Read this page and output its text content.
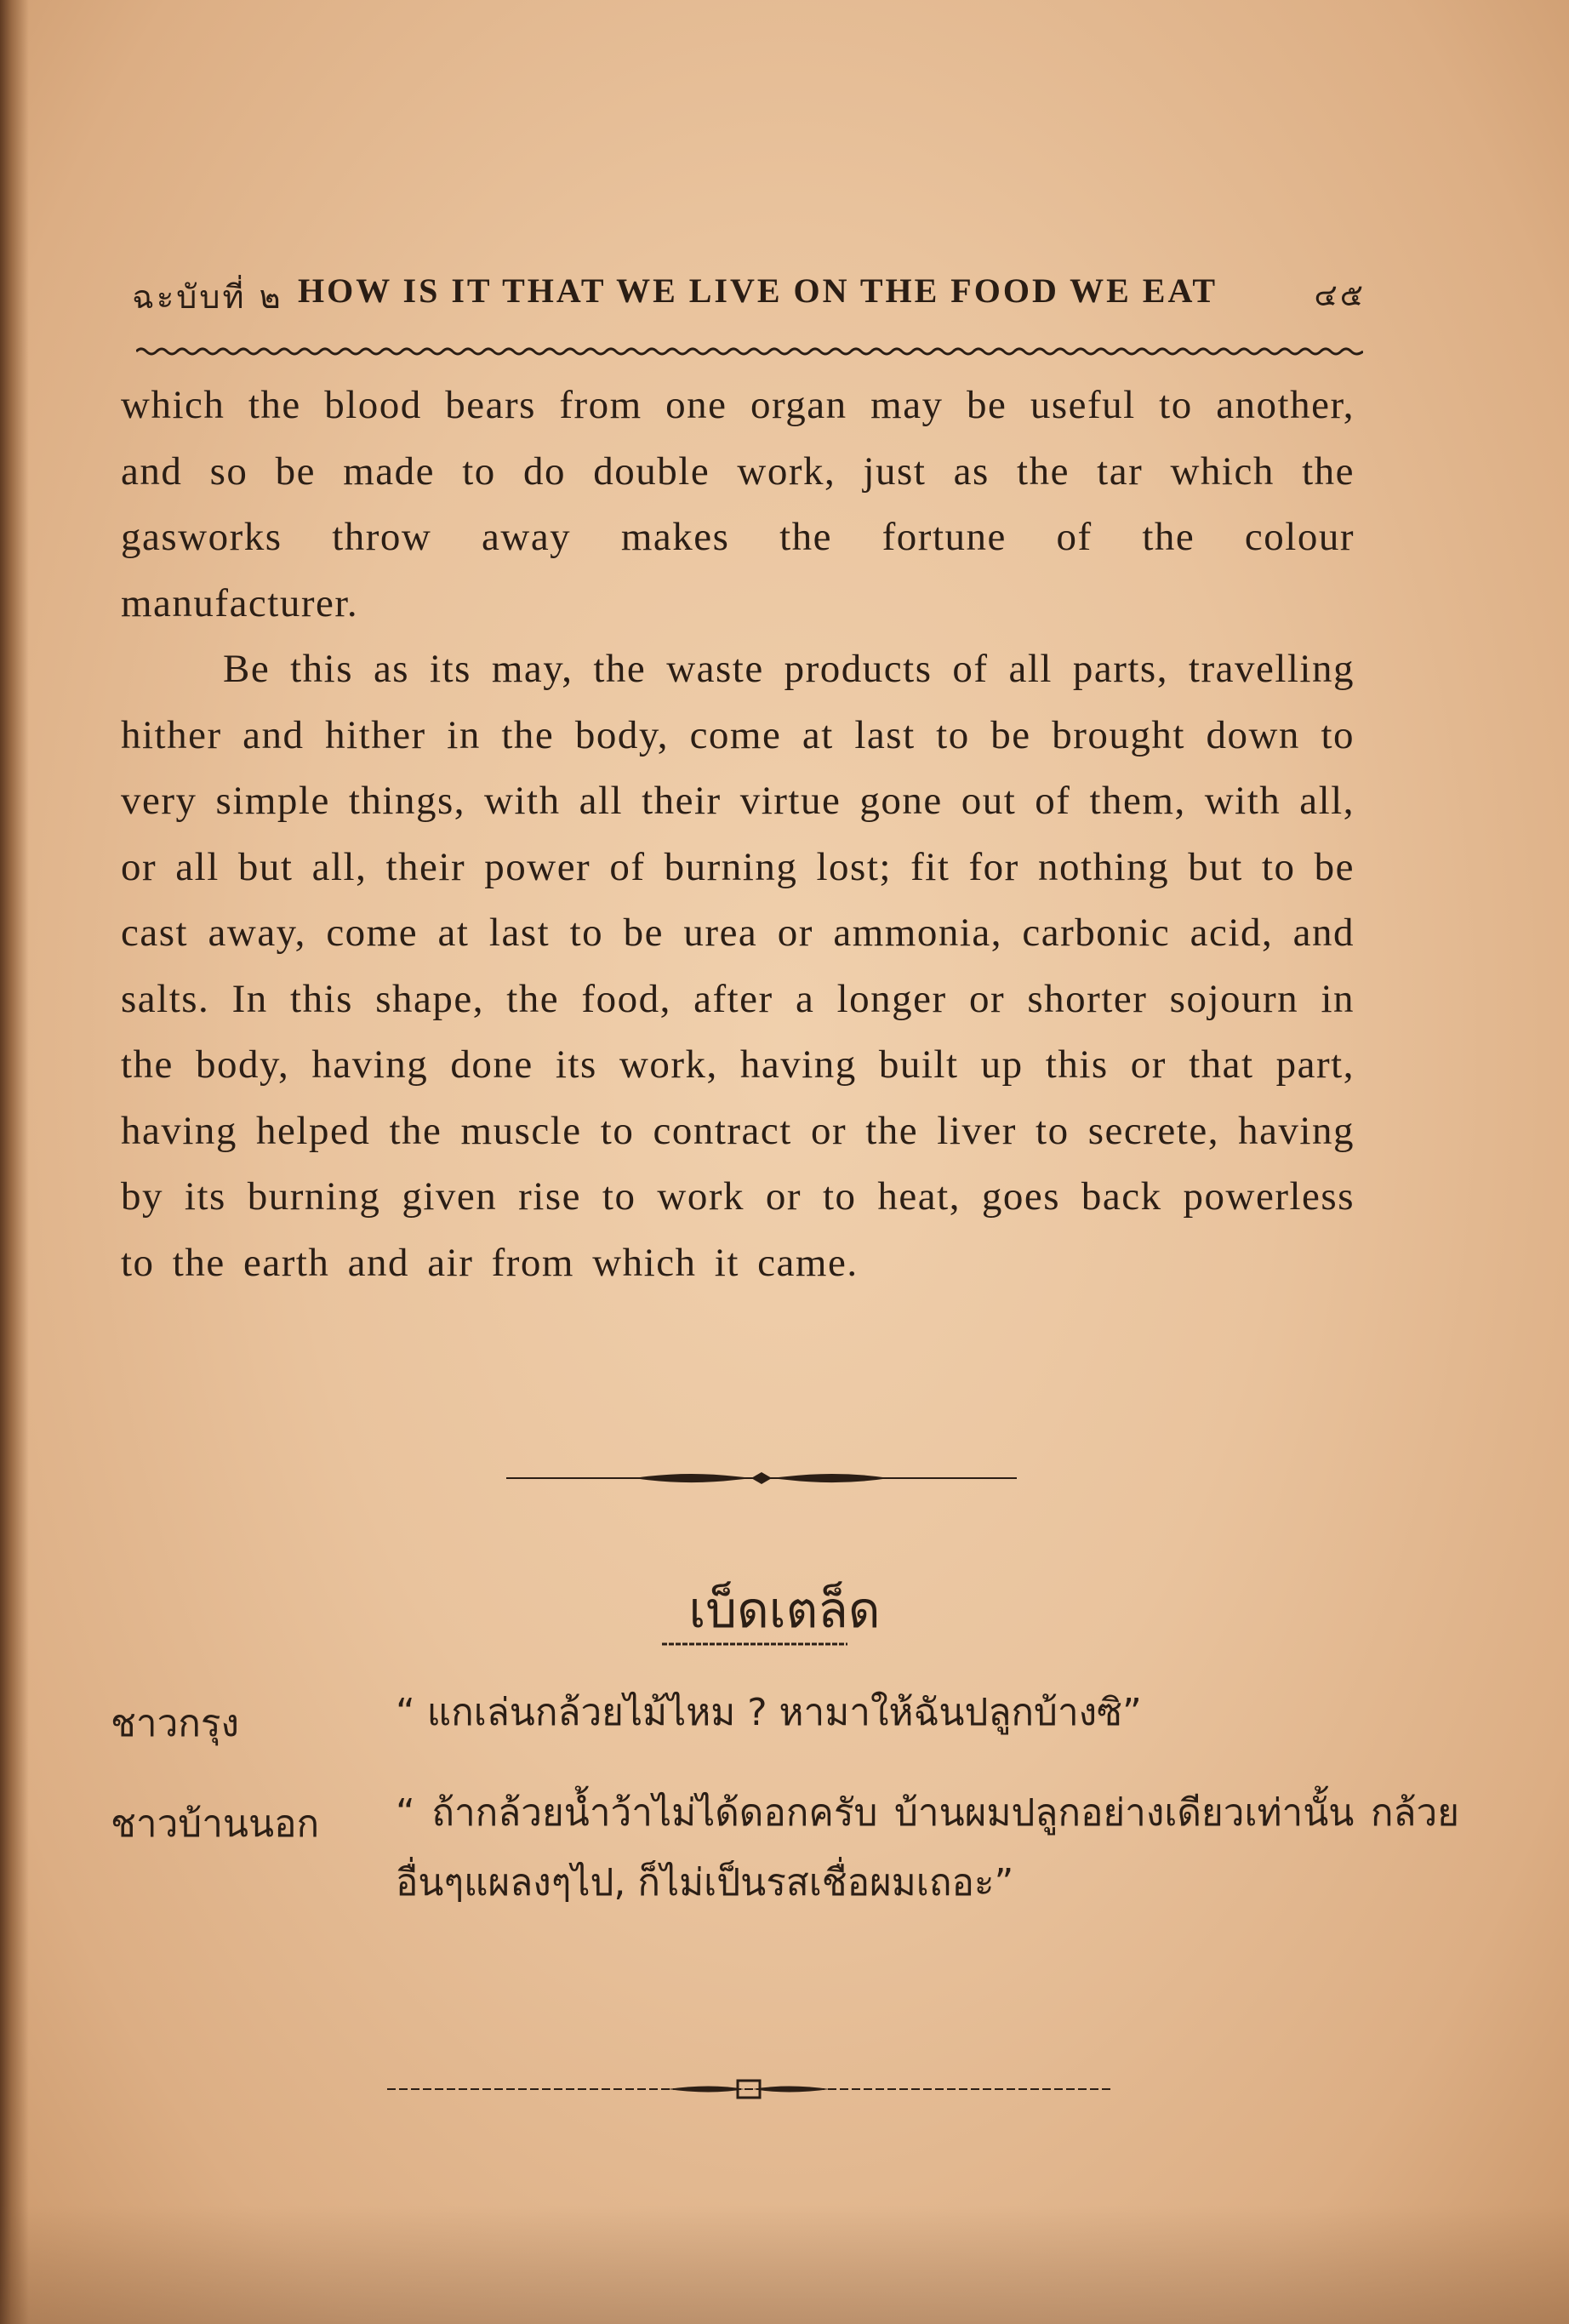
ฉะบับที่ ๒ HOW IS IT THAT WE LIVE ON THE FOOD WE EAT	๔๕

which the blood bears from one organ may be useful to another, and so be made to do double work, just as the tar which the gasworks throw away makes the fortune of the colour manufacturer.

Be this as its may, the waste products of all parts, travelling hither and hither in the body, come at last to be brought down to very simple things, with all their virtue gone out of them, with all, or all but all, their power of burning lost; fit for nothing but to be cast away, come at last to be urea or ammonia, carbonic acid, and salts. In this shape, the food, after a longer or shorter sojourn in the body, having done its work, having built up this or that part, having helped the muscle to contract or the liver to secrete, having by its burning given rise to work or to heat, goes back powerless to the earth and air from which it came.

เบ็ดเตล็ด
ชาวกรุง	“ แกเล่นกล้วยไม้ไหม ? หามาให้ฉันปลูกบ้างซิ”
ชาวบ้านนอก	“ ถ้ากล้วยน้ำว้าไม่ได้ดอกครับ บ้านผมปลูกอย่างเดียวเท่านั้น กล้วยอื่นๆแผลงๆไป, ก็ไม่เป็นรสเชื่อผมเถอะ”
